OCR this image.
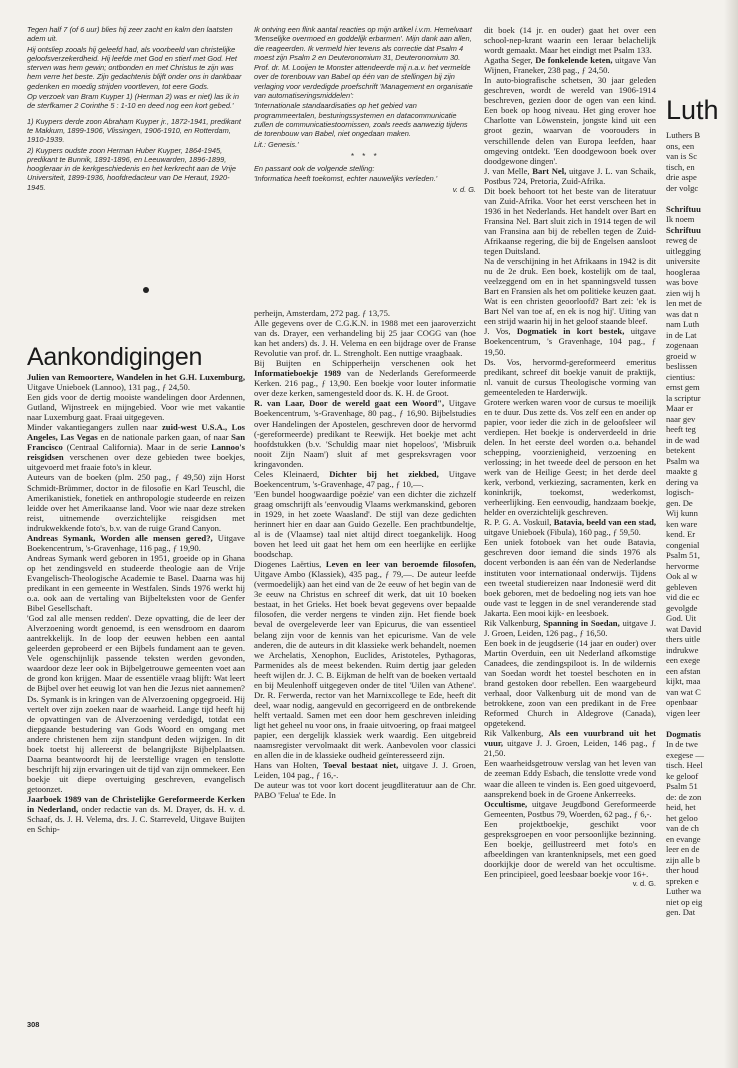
Tegen half 7 (of 6 uur) blies hij zeer zacht en kalm den laatsten adem uit.

Hij ontsliep zooals hij geleefd had, als voorbeeld van christelijke geloofsverzekerdheid. Hij leefde met God en stierf met God. Het sterven was hem gewin; ontbonden en met Christus te zijn was hem verre het beste. Zijn gedachtenis blijft onder ons in dankbaar gedenken en moedig strijden voortleven, tot eere Gods.

Op verzoek van Bram Kuyper 1) (Herman 2) was er niet) las ik in de sterfkamer 2 Corinthe 5 : 1-10 en deed nog een kort gebed.'

1) Kuypers derde zoon Abraham Kuyper jr., 1872-1941, predikant te Makkum, 1899-1906, Vlissingen, 1906-1910, en Rotterdam, 1910-1939.

2) Kuypers oudste zoon Herman Huber Kuyper, 1864-1945, predikant te Bunnik, 1891-1896, en Leeuwarden, 1896-1899, hoogleraar in de kerkgeschiedenis en het kerkrecht aan de Vrije Universiteit, 1899-1936, hoofdredacteur van De Heraut, 1920-1945.

Ik ontving een flink aantal reacties op mijn artikel i.v.m. Hemelvaart 'Menselijke overmoed en goddelijk erbarmen'. Mijn dank aan allen, die reageerden. Ik vermeld hier tevens als correctie dat Psalm 4 moest zijn Psalm 2 en Deuteronomium 31, Deuteronomium 30.

Prof. dr. M. Looijen te Monster attendeerde mij n.a.v. het vermelde over de torenbouw van Babel op één van de stellingen bij zijn verlaging voor verdedigde proefschrift 'Management en organisatie van automatiseringsmiddelen':

'Internationale standaardisaties op het gebied van programmeertalen, besturingssystemen en datacommunicatie zullen de communicatiestoornissen, zoals reeds aanwezig tijdens de torenbouw van Babel, niet ongedaan maken.

Lit.: Genesis.'

* * *

En passant ook de volgende stelling:

'Informatica heeft toekomst, echter nauwelijks verleden.'

v. d. G.
Aankondigingen

Julien van Remoortere, Wandelen in het G.H. Luxemburg, Uitgave Unieboek (Lannoo), 131 pag., ƒ 24,50.

Een gids voor de dertig mooiste wandelingen door Ardennen, Gutland, Wijnstreek en mijngebied. Voor wie met vakantie naar Luxemburg gaat. Fraai uitgegeven.

Minder vakantiegangers zullen naar zuid-west U.S.A., Los Angeles, Las Vegas en de nationale parken gaan, of naar San Francisco (Centraal California). Maar in de serie Lannoo's reisgidsen verschenen over deze gebieden twee boekjes, uitgevoerd met fraaie foto's in kleur.

Auteurs van de boeken (plm. 250 pag., ƒ 49,50) zijn Horst Schmidt-Brümmer, doctor in de filosofie en Karl Teuschl, die Amerikanistiek, fonetiek en anthropologie studeerde en reizen leidde over het Amerikaanse land. Voor wie naar deze streken reist, uitnemende overzichtelijke reisgidsen met indrukwekkende foto's, b.v. van de ruige Grand Canyon.

Andreas Symank, Worden alle mensen gered?, Uitgave Boekencentrum, 's-Gravenhage, 116 pag., ƒ 19,90.

Andreas Symank werd geboren in 1951, groeide op in Ghana op het zendingsveld en studeerde theologie aan de Vrije Evangelisch-Theologische Academie te Basel. Daarna was hij predikant in een gemeente in Westfalen. Sinds 1976 werkt hij o.a. ook aan de vertaling van Bijbelteksten voor de Genfer Bibel Gesellschaft.

'God zal alle mensen redden'. Deze opvatting, die de leer der Alverzoening wordt genoemd, is een wensdroom en daarom aantrekkelijk. In de loop der eeuwen hebben een aantal geleerden geprobeerd er een Bijbels fundament aan te geven. Vele ogenschijnlijk passende teksten werden gevonden, waardoor deze leer ook in Bijbelgetrouwe gemeenten voet aan de grond kon krijgen. Maar de essentiële vraag blijft: Wat leert de Bijbel over het eeuwig lot van hen die Jezus niet aannemen? Ds. Symank is in kringen van de Alverzoening opgegroeid. Hij vertelt over zijn zoeken naar de waarheid. Lange tijd heeft hij de opvattingen van de Alverzoening verdedigd, totdat een diepgaande bestudering van Gods Woord en omgang met andere christenen hem zijn standpunt deden wijzigen. In dit boek toetst hij allereerst de belangrijkste Bijbelplaatsen. Daarna beantwoordt hij de leerstellige vragen en tenslotte beschrijft hij zijn ervaringen uit de tijd van zijn ommekeer. Een boekje uit diepe overtuiging geschreven, evangelisch getoonzet.

Jaarboek 1989 van de Christelijke Gereformeerde Kerken in Nederland, onder redactie van ds. M. Drayer, ds. H. v. d. Schaaf, ds. J. H. Velema, drs. J. C. Starreveld, Uitgave Buijten en Schip-

perheijn, Amsterdam, 272 pag. ƒ 13,75.

Alle gegevens over de C.G.K.N. in 1988 met een jaaroverzicht van ds. Drayer, een verhandeling bij 25 jaar COGG van (hoe kan het anders) ds. J. H. Velema en een bijdrage over de Franse Revolutie van prof. dr. L. Strengholt. Een nuttige vraagbaak.

Bij Buijten en Schipperheijn verschenen ook het Informatieboekje 1989 van de Nederlands Gereformeerde Kerken. 216 pag., ƒ 13,90. Een boekje voor louter informatie over deze kerken, samengesteld door ds. K. H. de Groot.

R. van Laar, Door de wereld gaat een Woord", Uitgave Boekencentrum, 's-Gravenhage, 80 pag., ƒ 16,90. Bijbelstudies over Handelingen der Apostelen, geschreven door de hervormd (-gereformeerde) predikant te Reewijk. Het boekje met acht hoofdstukken (b.v. 'Schuldig maar niet hopeloos', 'Misbruik nooit Zijn Naam') sluit af met gespreksvragen voor kringavonden.

Celes Kleinaerd, Dichter bij het ziekbed, Uitgave Boekencentrum, 's-Gravenhage, 47 pag., ƒ 10,—.

'Een bundel hoogwaardige poëzie' van een dichter die zichzelf graag omschrijft als 'eenvoudig Vlaams werkmanskind, geboren in 1929, in het zoete Waasland'. De stijl van deze gedichten herinnert hier en daar aan Guido Gezelle. Een prachtbundeltje, al is de (Vlaamse) taal niet altijd direct toegankelijk. Hoog boven het leed uit gaat het hem om een heerlijke en eerlijke boodschap.

Diogenes Laërtius, Leven en leer van beroemde filosofen, Uitgave Ambo (Klassiek), 435 pag., ƒ 79,—. De auteur leefde (vermoedelijk) aan het eind van de 2e eeuw of het begin van de 3e eeuw na Christus en schreef dit werk, dat uit 10 boeken bestaat, in het Grieks. Het boek bevat gegevens over bepaalde filosofen, die verder nergens te vinden zijn. Het fiende boek beval de overgeleverde leer van Epicurus, die van essentieel belang zijn voor de kennis van het epicurisme. Van de vele anderen, die de auteurs in dit klassieke werk behandelt, noemen we Archelatis, Xenophon, Euclides, Aristoteles, Pythagoras, Parmenides als de meest bekenden. Ruim dertig jaar geleden heeft wijlen dr. J. C. B. Eijkman de helft van de boeken vertaald en bij Meulenhoff uitgegeven onder de titel 'Uilen van Athene'. Dr. R. Ferwerda, rector van het Marnixcollege te Ede, heeft dit deel, waar nodig, aangevuld en gecorrigeerd en de ontbrekende helft vertaald. Samen met een door hem geschreven inleiding ligt het geheel nu voor ons, in fraaie uitvoering, op fraai matgeel papier, een dergelijk klassiek werk waardig. Een uitgebreid naamsregister vervolmaakt dit werk. Aanbevolen voor classici en allen die in de klassieke oudheid geïnteresseerd zijn.

Hans van Holten, Toeval bestaat niet, uitgave J. J. Groen, Leiden, 104 pag., ƒ 16,-.

De auteur was tot voor kort docent jeugdliteratuur aan de Chr. PABO 'Felua' te Ede. In

dit boek (14 jr. en ouder) gaat het over een school-nep-krant waarin een leraar belachelijk wordt gemaakt. Maar het eindigt met Psalm 133.

Agatha Seger, De fonkelende keten, uitgave Van Wijnen, Franeker, 238 pag., ƒ 24,50.

In auto-biografische schetsen, 30 jaar geleden geschreven, wordt de wereld van 1906-1914 beschreven, gezien door de ogen van een kind. Een boek op hoog niveau. Het ging erover hoe Charlotte van Löwenstein, jongste kind uit een groot gezin, waarvan de voorouders in verschillende delen van Europa leefden, haar omgeving ontdekt. 'Een doodgewoon boek over doodgewone dingen'.

J. van Melle, Bart Nel, uitgave J. L. van Schaik, Postbus 724, Pretoria, Zuid-Afrika.

Dit boek behoort tot het beste van de literatuur van Zuid-Afrika. Voor het eerst verscheen het in 1936 in het Nederlands. Het handelt over Bart en Fransina Nel. Bart sluit zich in 1914 tegen de wil van Fransina aan bij de rebellen tegen de Zuid-Afrikaanse regering, die bij de Engelsen aansloot tegen Duitsland.

Na de verschijning in het Afrikaans in 1942 is dit nu de 2e druk. Een boek, kostelijk om de taal, veelzeggend om en in het spanningsveld tussen Bart en Fransien als het om politieke keuzen gaat. Wat is een christen geoorloofd? Bart zei: 'ek is Bart Nel van toe af, en ek is nog hij'. Uiting van een strijd waarin hij in het geloof staande bleef.

J. Vos, Dogmatiek in kort bestek, uitgave Boekencentrum, 's Gravenhage, 104 pag., ƒ 19,50.

Ds. Vos, hervormd-gereformeerd emeritus predikant, schreef dit boekje vanuit de praktijk, nl. vanuit de cursus Theologische vorming van gemeenteleden te Harderwijk.

Grotere werken waren voor de cursus te moeilijk en te duur. Dus zette ds. Vos zelf een en ander op papier, voor ieder die zich in de geloofsleer wil verdiepen. Het boekje is onderverdeeld in drie delen. In het eerste deel worden o.a. behandel schepping, voorzienigheid, verzoening en verlossing; in het tweede deel de persoon en het werk van de Heilige Geest; in het derde deel kerk, verbond, verkiezing, sacramenten, kerk en koninkrijk, toekomst, wederkomst, verheerlijking. Een eenvoudig, handzaam boekje, helder en overzichtelijk geschreven.

R. P. G. A. Voskuil, Batavia, beeld van een stad, uitgave Unieboek (Fibula), 160 pag., ƒ 59,50.

Een uniek fotoboek van het oude Batavia, geschreven door iemand die sinds 1976 als docent verbonden is aan één van de Nederlandse instituten voor internationaal onderwijs. Tijdens een tweetal studiereizen naar Indonesië werd dit boek geboren, met de bedoeling nog iets van hoe oude vast te leggen in de snel veranderende stad Jakarta. Een mooi kijk- en leesboek.

Rik Valkenburg, Spanning in Soedan, uitgave J. J. Groen, Leiden, 126 pag., ƒ 16,50.

Een boek in de jeugdserie (14 jaar en ouder) over Martin Overduin, een uit Nederland afkomstige Canadees, die zendingspiloot is. In de wildernis van Soedan wordt het toestel beschoten en in brand gestoken door rebellen. Een waargebeurd verhaal, door Valkenburg uit de mond van de betrokkene, zoon van een predikant in de Free Reformed Church in Aldegrove (Canada), opgetekend.

Rik Valkenburg, Als een vuurbrand uit het vuur, uitgave J. J. Groen, Leiden, 146 pag., ƒ 21,50.

Een waarheidsgetrouw verslag van het leven van de zeeman Eddy Esbach, die tenslotte vrede vond waar die alleen te vinden is. Een goed uitgevoerd, aansprekend boek in de Groene Ankerreeks.

Occultisme, uitgave Jeugdbond Gereformeerde Gemeenten, Postbus 79, Woerden, 62 pag., ƒ 6,-.

Een projektboekje, geschikt voor gespreksgroepen en voor persoonlijke bezinning. Een boekje, geïllustreerd met foto's en afbeeldingen van krantenknipsels, met een goed doorkijkje door de wereld van het occultisme. Een principieel, goed leesbaar boekje voor 16+.

v. d. G.
Luth
Luthers B
ons, een
van is Sc
tisch, en
drie aspe
der volgc

Schriftuu
Ik noem
Schriftuu
reweg de
uitlegging
universite
hoogleraa
was bove
zien wij h
len met de
was dat n
nam Luth
in de Lat
zogenaan
groeid w
beslissen
cientius:
ernst gem
la scriptur
Maar er
naar gev
heeft teg
in de wad
betekent
Psalm wa
maakte g
dering va
logisch-
gen. De
Wij kunn
ken ware
kend. Er
congenial
Psalm 51,
hervorme
Ook al w
gebleven
vid die ec
gevolgde
God. Uit
wat David
thers uitle
indrukwe
een exege
een afstan
kijkt, maa
van wat C
openbaar
vigen leer

Dogmatis
In de twe
exegese —
tisch. Heel
ke geloof
Psalm 51
de: de zon
heid, het
het geloo
van de ch
en evange
leer en de
zijn alle b
ther houd
spreken e
Luther wa
niet op eig
gen. Dat
308
